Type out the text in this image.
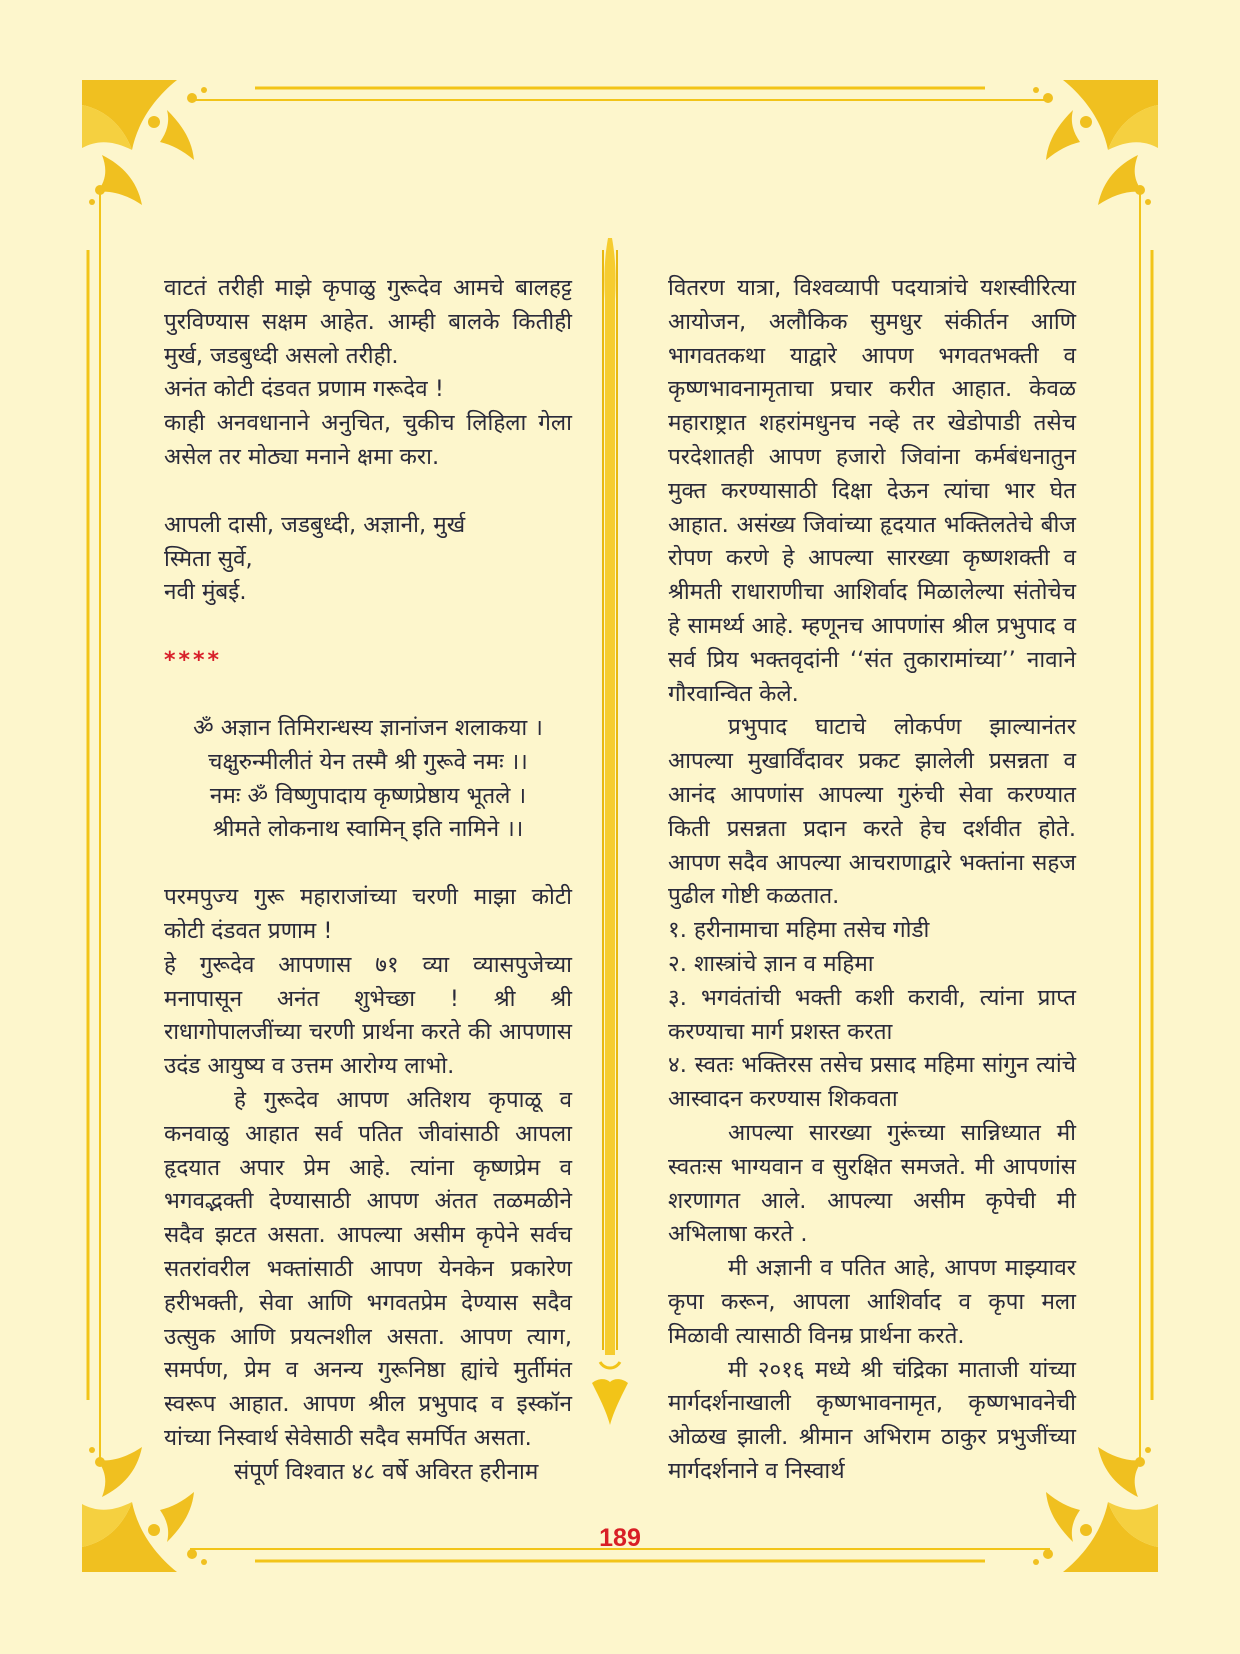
वाटतं तरीही माझे कृपाळु गुरूदेव आमचे बालहट्ट पुरविण्यास सक्षम आहेत. आम्ही बालके कितीही मुर्ख, जडबुध्दी असलो तरीही.

अनंत कोटी दंडवत प्रणाम गरूदेव !

काही अनवधानाने अनुचित, चुकीच लिहिला गेला असेल तर मोठ्या मनाने क्षमा करा.

आपली दासी, जडबुध्दी, अज्ञानी, मुर्ख

स्मिता सुर्वे,

नवी मुंबई.

****

ॐ अज्ञान तिमिरान्धस्य ज्ञानांजन शलाकया ।

चक्षुरुन्मीलीतं येन तस्मै श्री गुरूवे नमः ।।

नमः ॐ विष्णुपादाय कृष्णप्रेष्ठाय भूतले ।

श्रीमते लोकनाथ स्वामिन् इति नामिने ।।

परमपुज्य गुरू महाराजांच्या चरणी माझा कोटी कोटी दंडवत प्रणाम !

हे गुरूदेव आपणास ७१ व्या व्यासपुजेच्या मनापासून अनंत शुभेच्छा ! श्री श्री राधागोपालजींच्या चरणी प्रार्थना करते की आपणास उदंड आयुष्य व उत्तम आरोग्य लाभो.

हे गुरूदेव आपण अतिशय कृपाळू व कनवाळु आहात सर्व पतित जीवांसाठी आपला हृदयात अपार प्रेम आहे. त्यांना कृष्णप्रेम व भगवद्भक्ती देण्यासाठी आपण अंतत तळमळीने सदैव झटत असता. आपल्या असीम कृपेने सर्वच सतरांवरील भक्तांसाठी आपण येनकेन प्रकारेण हरीभक्ती, सेवा आणि भगवतप्रेम देण्यास सदैव उत्सुक आणि प्रयत्नशील असता. आपण त्याग, समर्पण, प्रेम व अनन्य गुरूनिष्ठा ह्यांचे मुर्तीमंत स्वरूप आहात. आपण श्रील प्रभुपाद व इस्कॉन यांच्या निस्वार्थ सेवेसाठी सदैव समर्पित असता.

संपूर्ण विश्वात ४८ वर्षे अविरत हरीनाम

वितरण यात्रा, विश्वव्यापी पदयात्रांचे यशस्वीरित्या आयोजन, अलौकिक सुमधुर संकीर्तन आणि भागवतकथा याद्वारे आपण भगवतभक्ती व कृष्णभावनामृताचा प्रचार करीत आहात. केवळ महाराष्ट्रात शहरांमधुनच नव्हे तर खेडोपाडी तसेच परदेशातही आपण हजारो जिवांना कर्मबंधनातुन मुक्त करण्यासाठी दिक्षा देऊन त्यांचा भार घेत आहात. असंख्य जिवांच्या हृदयात भक्तिलतेचे बीज रोपण करणे हे आपल्या सारख्या कृष्णशक्ती व श्रीमती राधाराणीचा आशिर्वाद मिळालेल्या संतोचेच हे सामर्थ्य आहे. म्हणूनच आपणांस श्रील प्रभुपाद व सर्व प्रिय भक्तवृदांनी ‘‘संत तुकारामांच्या’’ नावाने गौरवान्वित केले.

प्रभुपाद घाटाचे लोकर्पण झाल्यानंतर आपल्या मुखार्विंदावर प्रकट झालेली प्रसन्नता व आनंद आपणांस आपल्या गुरुंची सेवा करण्यात किती प्रसन्नता प्रदान करते हेच दर्शवीत होते. आपण सदैव आपल्या आचराणाद्वारे भक्तांना सहज पुढील गोष्टी कळतात.

१. हरीनामाचा महिमा तसेच गोडी

२. शास्त्रांचे ज्ञान व महिमा

३. भगवंतांची भक्ती कशी करावी, त्यांना प्राप्त करण्याचा मार्ग प्रशस्त करता

४. स्वतः भक्तिरस तसेच प्रसाद महिमा सांगुन त्यांचे आस्वादन करण्यास शिकवता

आपल्या सारख्या गुरूंच्या सान्निध्यात मी स्वतःस भाग्यवान व सुरक्षित समजते. मी आपणांस शरणागत आले. आपल्या असीम कृपेची मी अभिलाषा करते .

मी अज्ञानी व पतित आहे, आपण माझ्यावर कृपा करून, आपला आशिर्वाद व कृपा मला मिळावी त्यासाठी विनम्र प्रार्थना करते.

मी २०१६ मध्ये श्री चंद्रिका माताजी यांच्या मार्गदर्शनाखाली कृष्णभावनामृत, कृष्णभावनेची ओळख झाली. श्रीमान अभिराम ठाकुर प्रभुजींच्या मार्गदर्शनाने व निस्वार्थ

189
